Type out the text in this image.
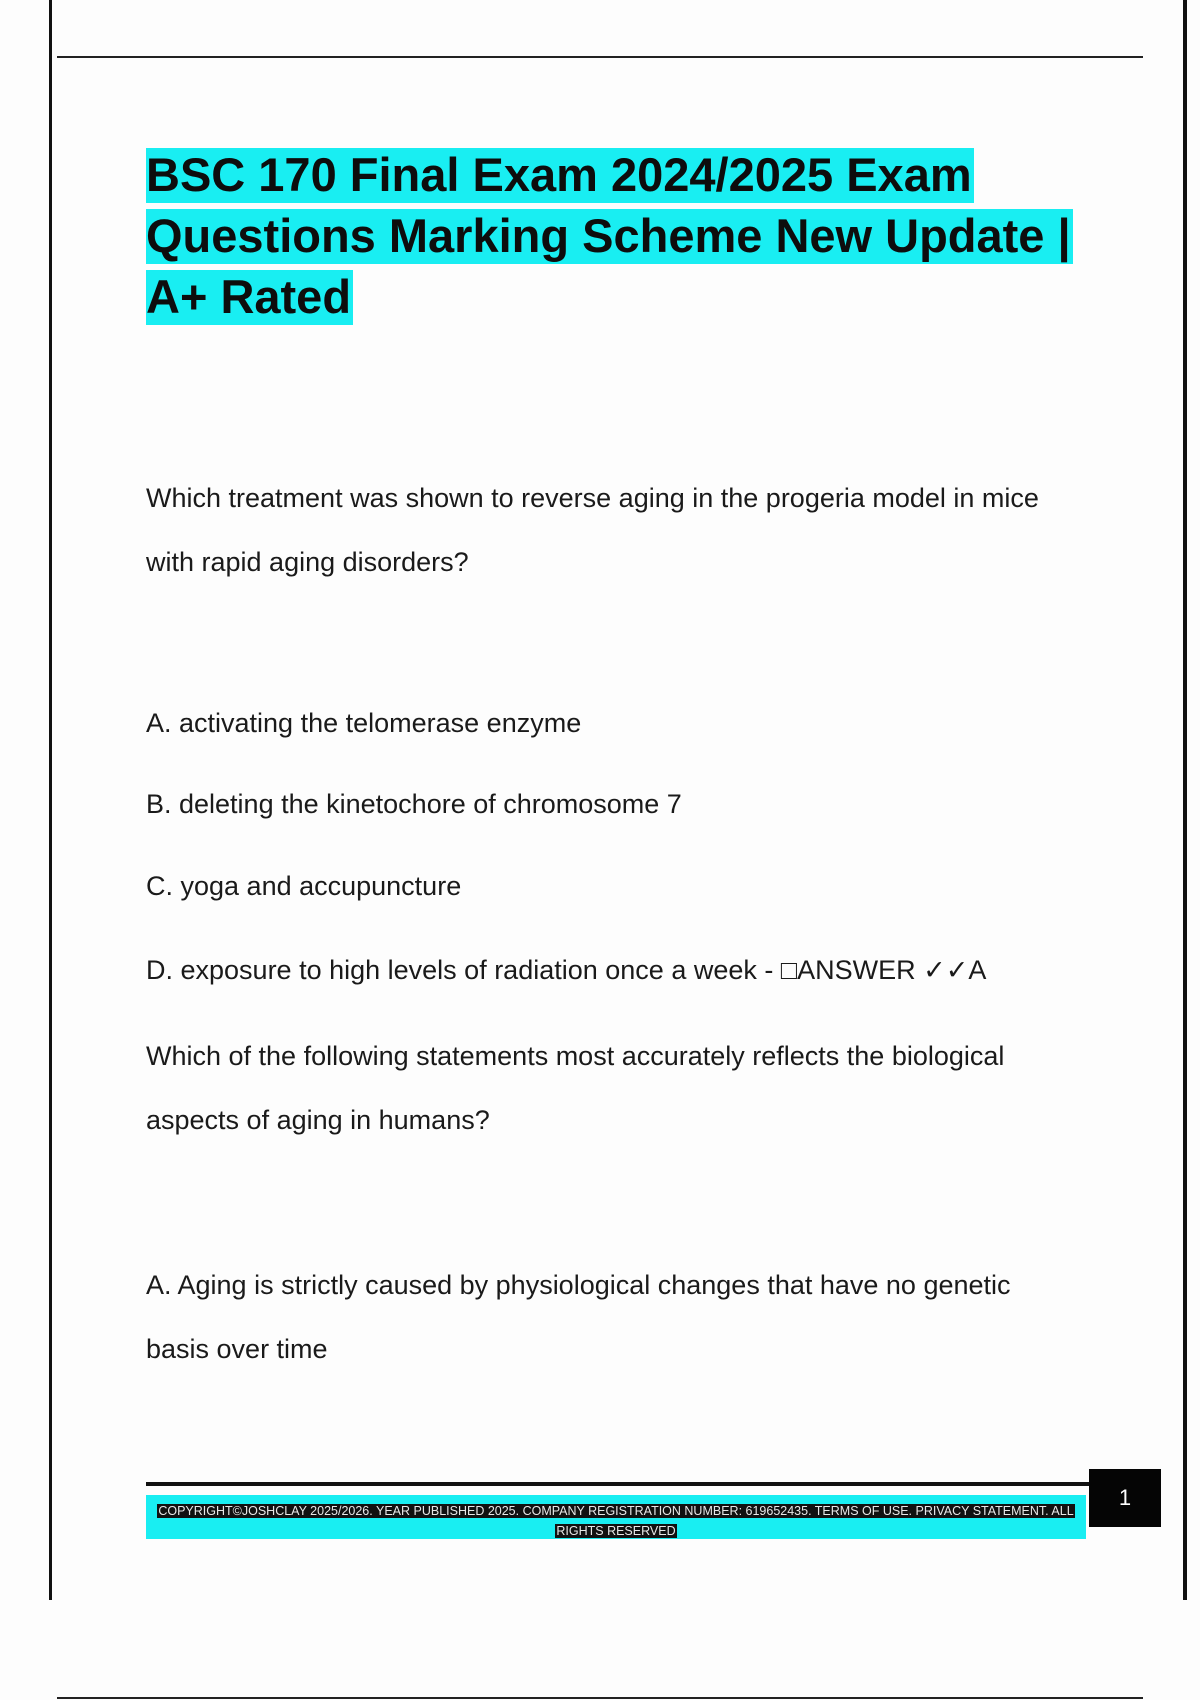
BSC 170 Final Exam 2024/2025 Exam Questions Marking Scheme New Update | A+ Rated

Which treatment was shown to reverse aging in the progeria model in mice

with rapid aging disorders?

A. activating the telomerase enzyme

B. deleting the kinetochore of chromosome 7

C. yoga and accupuncture

D. exposure to high levels of radiation once a week - □ANSWER ✓✓A

Which of the following statements most accurately reflects the biological

aspects of aging in humans?

A. Aging is strictly caused by physiological changes that have no genetic

basis over time

COPYRIGHT©JOSHCLAY 2025/2026. YEAR PUBLISHED 2025. COMPANY REGISTRATION NUMBER: 619652435. TERMS OF USE. PRIVACY STATEMENT. ALL RIGHTS RESERVED
1
